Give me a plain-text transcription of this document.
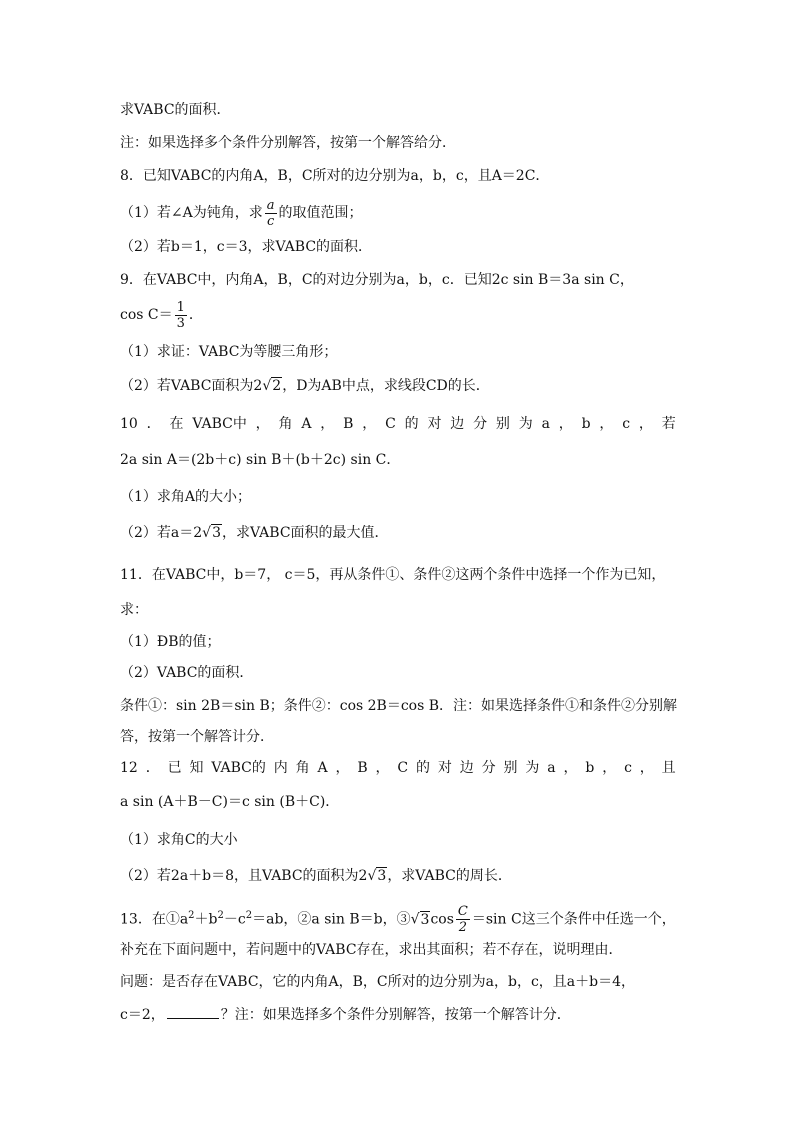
求VABC的面积．
注：如果选择多个条件分别解答，按第一个解答给分．
8．已知VABC的内角A，B，C所对的边分别为a，b，c，且A＝2C．
（1）若∠A为钝角，求 $\frac{a}{c}$ 的取值范围；
（2）若b＝1，c＝3，求VABC的面积．
9．在VABC中，内角A，B，C的对边分别为a，b，c．已知2c sin B＝3a sin C，
$\cos C= \frac{1}{3}$ ．
（1）求证：VABC为等腰三角形；
（2）若VABC面积为2√2，D为AB中点，求线段CD的长．
10 ． 在 VABC中 ， 角 A ， B ， C 的 对 边 分 别 为 a ， b ， c ， 若
2a sin A＝(2b＋c) sin B＋(b＋2c) sin C．
（1）求角A的大小；
（2）若a＝2√3，求VABC面积的最大值．
11．在VABC中，b＝7， c＝5，再从条件①、条件②这两个条件中选择一个作为已知，
求：
（1）ÐB的值；
（2）VABC的面积．
条件①：sin 2B＝sin B；条件②：cos 2B＝cos B．注：如果选择条件①和条件②分别解
答，按第一个解答计分．
12 ． 已 知 VABC的 内 角 A ， B ， C 的 对 边 分 别 为 a ， b ， c ， 且
a sin (A＋B－C)＝c sin (B＋C)．
（1）求角C的大小
（2）若2a＋b＝8，且VABC的面积为2√3，求VABC的周长．
13．在$①a^2+b^2-c^2=ab$，②a sin B＝b，③√3cos $\frac{C}{2} =\sin$ C这三个条件中任选一个，
补充在下面问题中，若问题中的VABC存在，求出其面积；若不存在，说明理由．
问题：是否存在VABC，它的内角A，B，C所对的边分别为a，b，c，且a＋b＝4，
c＝2，	？注：如果选择多个条件分别解答，按第一个解答计分．
